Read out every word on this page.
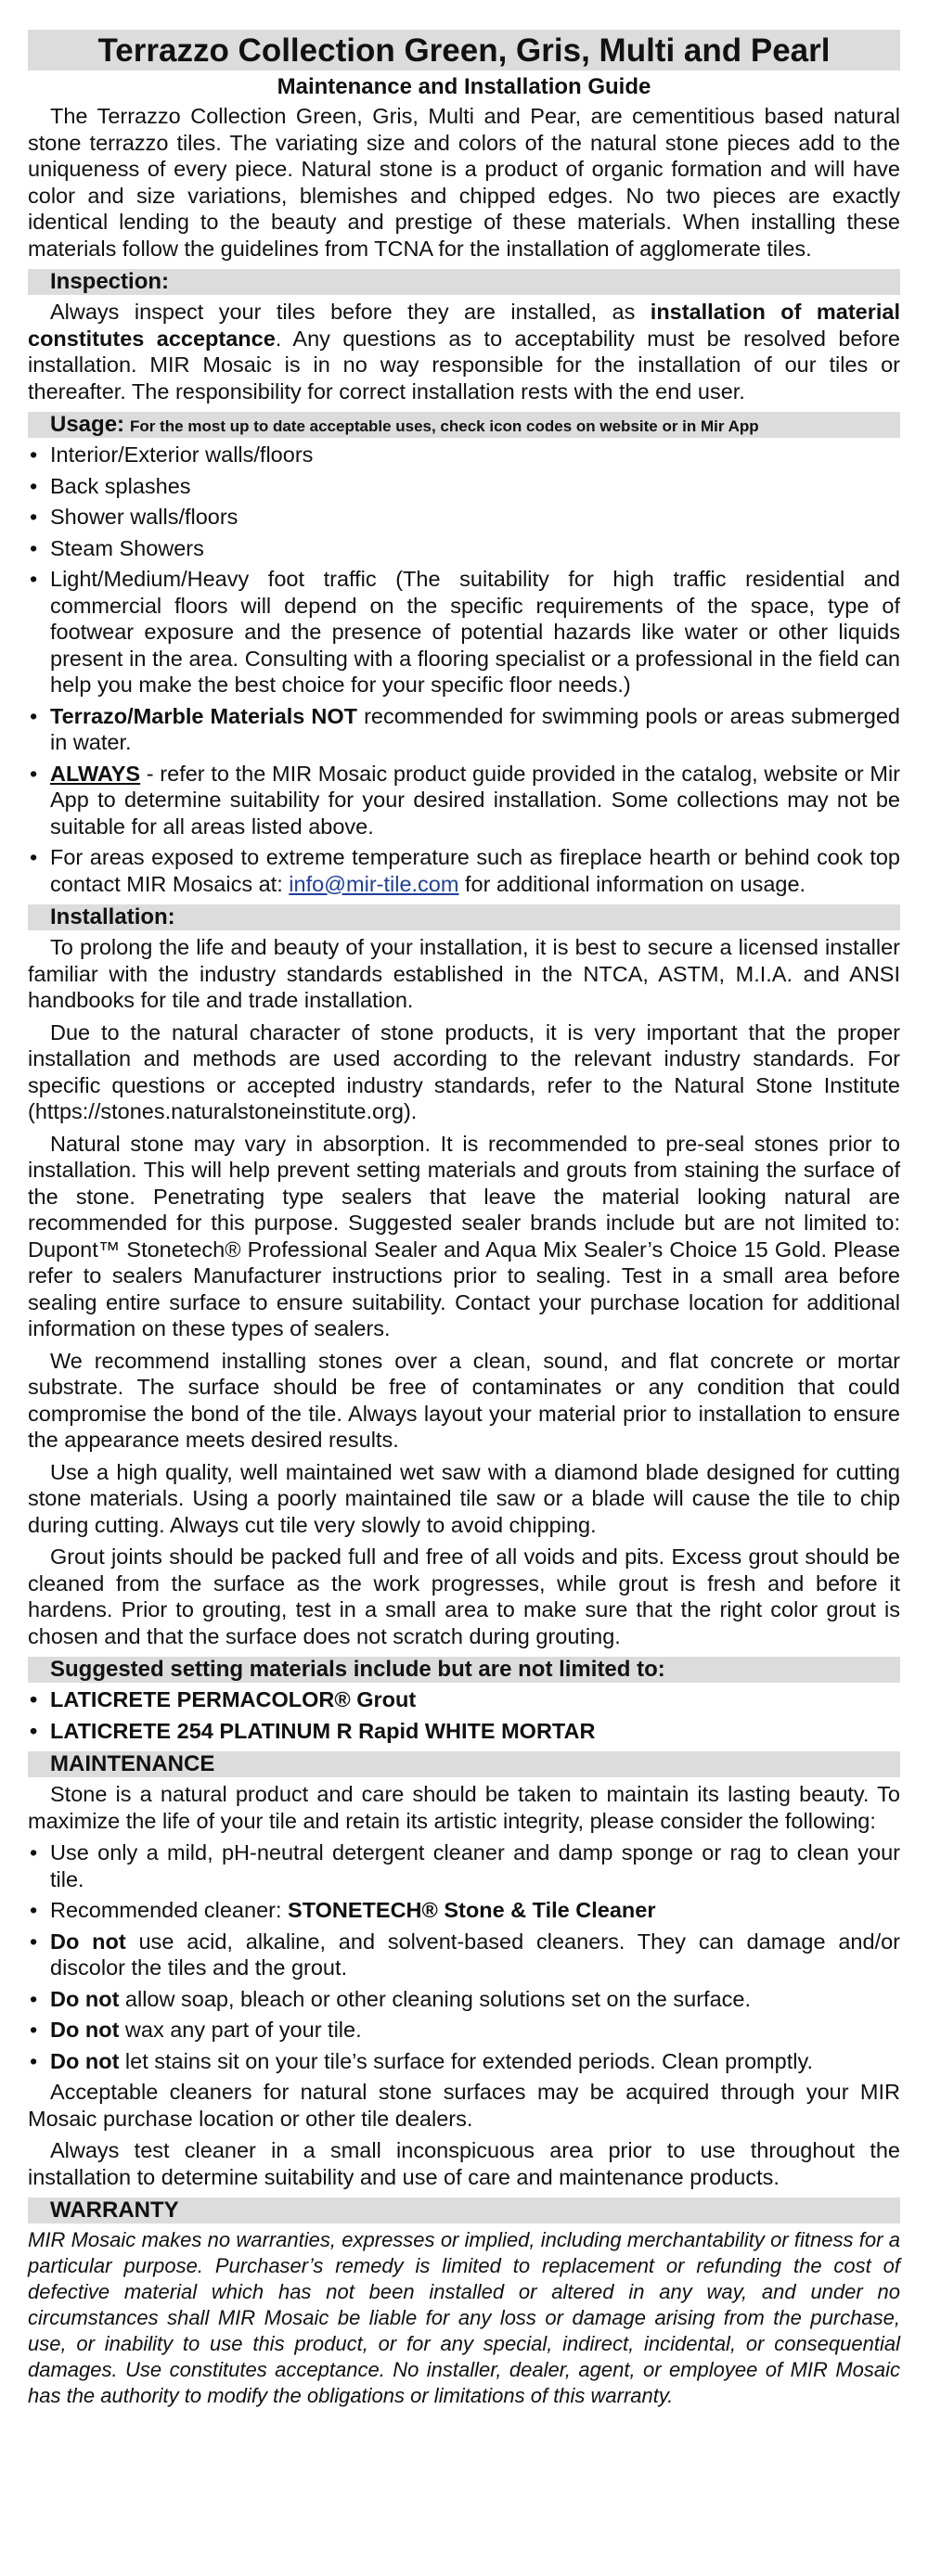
Terrazzo Collection Green, Gris, Multi and Pearl
Maintenance and Installation Guide

The Terrazzo Collection Green, Gris, Multi and Pear, are cementitious based natural stone terrazzo tiles. The variating size and colors of the natural stone pieces add to the uniqueness of every piece. Natural stone is a product of organic formation and will have color and size variations, blemishes and chipped edges. No two pieces are exactly identical lending to the beauty and prestige of these materials. When installing these materials follow the guidelines from TCNA for the installation of agglomerate tiles.

Inspection:

Always inspect your tiles before they are installed, as installation of material constitutes acceptance. Any questions as to acceptability must be resolved before installation. MIR Mosaic is in no way responsible for the installation of our tiles or thereafter. The responsibility for correct installation rests with the end user.

Usage: For the most up to date acceptable uses, check icon codes on website or in Mir App
• Interior/Exterior walls/floors
• Back splashes
• Shower walls/floors
• Steam Showers
• Light/Medium/Heavy foot traffic (The suitability for high traffic residential and commercial floors will depend on the specific requirements of the space, type of footwear exposure and the presence of potential hazards like water or other liquids present in the area. Consulting with a flooring specialist or a professional in the field can help you make the best choice for your specific floor needs.)
• Terrazo/Marble Materials NOT recommended for swimming pools or areas submerged in water.
• ALWAYS - refer to the MIR Mosaic product guide provided in the catalog, website or Mir App to determine suitability for your desired installation. Some collections may not be suitable for all areas listed above.
• For areas exposed to extreme temperature such as fireplace hearth or behind cook top contact MIR Mosaics at: info@mir-tile.com for additional information on usage.
Installation:

To prolong the life and beauty of your installation, it is best to secure a licensed installer familiar with the industry standards established in the NTCA, ASTM, M.I.A. and ANSI handbooks for tile and trade installation.

Due to the natural character of stone products, it is very important that the proper installation and methods are used according to the relevant industry standards. For specific questions or accepted industry standards, refer to the Natural Stone Institute (https://stones.naturalstoneinstitute.org).

Natural stone may vary in absorption. It is recommended to pre-seal stones prior to installation. This will help prevent setting materials and grouts from staining the surface of the stone. Penetrating type sealers that leave the material looking natural are recommended for this purpose. Suggested sealer brands include but are not limited to: Dupont™ Stonetech® Professional Sealer and Aqua Mix Sealer’s Choice 15 Gold. Please refer to sealers Manufacturer instructions prior to sealing. Test in a small area before sealing entire surface to ensure suitability. Contact your purchase location for additional information on these types of sealers.

We recommend installing stones over a clean, sound, and flat concrete or mortar substrate. The surface should be free of contaminates or any condition that could compromise the bond of the tile. Always layout your material prior to installation to ensure the appearance meets desired results.

Use a high quality, well maintained wet saw with a diamond blade designed for cutting stone materials. Using a poorly maintained tile saw or a blade will cause the tile to chip during cutting. Always cut tile very slowly to avoid chipping.

Grout joints should be packed full and free of all voids and pits. Excess grout should be cleaned from the surface as the work progresses, while grout is fresh and before it hardens. Prior to grouting, test in a small area to make sure that the right color grout is chosen and that the surface does not scratch during grouting.

Suggested setting materials include but are not limited to:
• LATICRETE PERMACOLOR® Grout
• LATICRETE 254 PLATINUM R Rapid WHITE MORTAR
MAINTENANCE

Stone is a natural product and care should be taken to maintain its lasting beauty. To maximize the life of your tile and retain its artistic integrity, please consider the following:

• Use only a mild, pH-neutral detergent cleaner and damp sponge or rag to clean your tile.
• Recommended cleaner: STONETECH® Stone & Tile Cleaner
• Do not use acid, alkaline, and solvent-based cleaners. They can damage and/or discolor the tiles and the grout.
• Do not allow soap, bleach or other cleaning solutions set on the surface.
• Do not wax any part of your tile.
• Do not let stains sit on your tile’s surface for extended periods. Clean promptly.

Acceptable cleaners for natural stone surfaces may be acquired through your MIR Mosaic purchase location or other tile dealers.

Always test cleaner in a small inconspicuous area prior to use throughout the installation to determine suitability and use of care and maintenance products.

WARRANTY

MIR Mosaic makes no warranties, expresses or implied, including merchantability or fitness for a particular purpose. Purchaser’s remedy is limited to replacement or refunding the cost of defective material which has not been installed or altered in any way, and under no circumstances shall MIR Mosaic be liable for any loss or damage arising from the purchase, use, or inability to use this product, or for any special, indirect, incidental, or consequential damages. Use constitutes acceptance. No installer, dealer, agent, or employee of MIR Mosaic has the authority to modify the obligations or limitations of this warranty.
